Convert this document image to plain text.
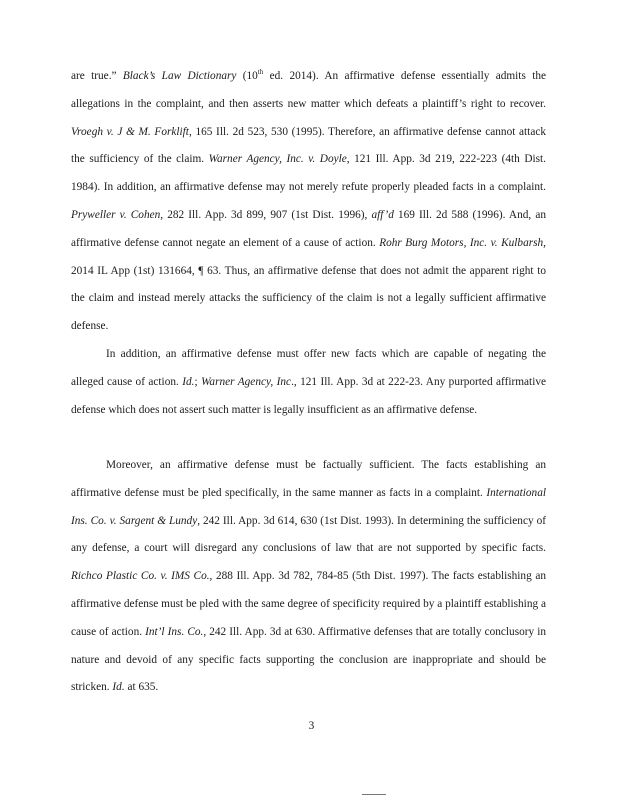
are true.” Black’s Law Dictionary (10th ed. 2014). An affirmative defense essentially admits the allegations in the complaint, and then asserts new matter which defeats a plaintiff’s right to recover. Vroegh v. J & M. Forklift, 165 Ill. 2d 523, 530 (1995). Therefore, an affirmative defense cannot attack the sufficiency of the claim. Warner Agency, Inc. v. Doyle, 121 Ill. App. 3d 219, 222-223 (4th Dist. 1984). In addition, an affirmative defense may not merely refute properly pleaded facts in a complaint. Pryweller v. Cohen, 282 Ill. App. 3d 899, 907 (1st Dist. 1996), aff’d 169 Ill. 2d 588 (1996). And, an affirmative defense cannot negate an element of a cause of action. Rohr Burg Motors, Inc. v. Kulbarsh, 2014 IL App (1st) 131664, ¶ 63. Thus, an affirmative defense that does not admit the apparent right to the claim and instead merely attacks the sufficiency of the claim is not a legally sufficient affirmative defense.

In addition, an affirmative defense must offer new facts which are capable of negating the alleged cause of action. Id.; Warner Agency, Inc., 121 Ill. App. 3d at 222-23. Any purported affirmative defense which does not assert such matter is legally insufficient as an affirmative defense.

Moreover, an affirmative defense must be factually sufficient. The facts establishing an affirmative defense must be pled specifically, in the same manner as facts in a complaint. International Ins. Co. v. Sargent & Lundy, 242 Ill. App. 3d 614, 630 (1st Dist. 1993). In determining the sufficiency of any defense, a court will disregard any conclusions of law that are not supported by specific facts. Richco Plastic Co. v. IMS Co., 288 Ill. App. 3d 782, 784-85 (5th Dist. 1997). The facts establishing an affirmative defense must be pled with the same degree of specificity required by a plaintiff establishing a cause of action. Int’l Ins. Co., 242 Ill. App. 3d at 630. Affirmative defenses that are totally conclusory in nature and devoid of any specific facts supporting the conclusion are inappropriate and should be stricken. Id. at 635.

3
